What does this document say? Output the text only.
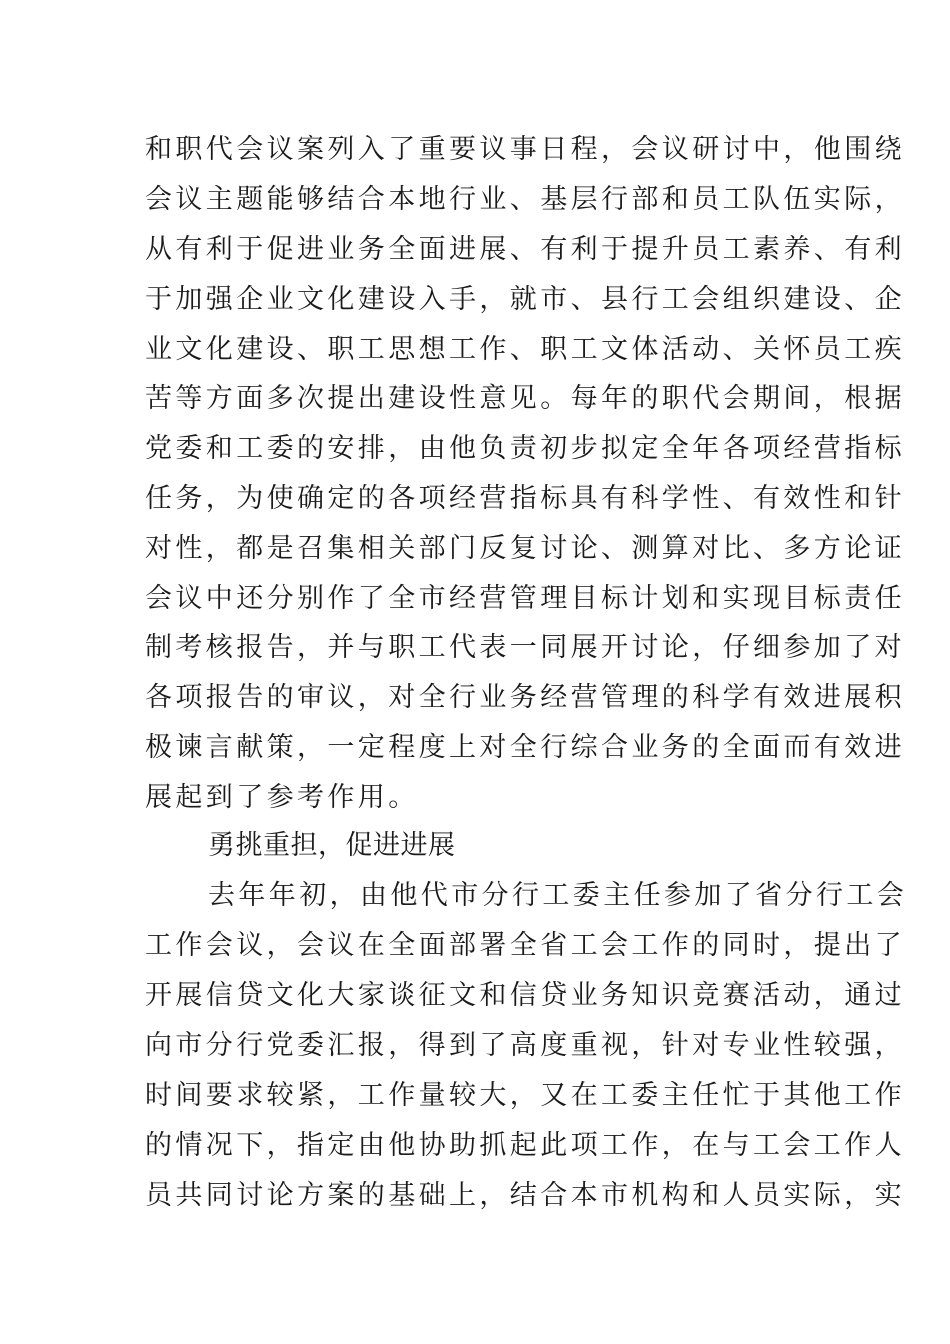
和职代会议案列入了重要议事日程，会议研讨中，他围绕
会议主题能够结合本地行业、基层行部和员工队伍实际，
从有利于促进业务全面进展、有利于提升员工素养、有利
于加强企业文化建设入手，就市、县行工会组织建设、企
业文化建设、职工思想工作、职工文体活动、关怀员工疾
苦等方面多次提出建设性意见。每年的职代会期间，根据
党委和工委的安排，由他负责初步拟定全年各项经营指标
任务，为使确定的各项经营指标具有科学性、有效性和针
对性，都是召集相关部门反复讨论、测算对比、多方论证
会议中还分别作了全市经营管理目标计划和实现目标责任
制考核报告，并与职工代表一同展开讨论，仔细参加了对
各项报告的审议，对全行业务经营管理的科学有效进展积
极谏言献策，一定程度上对全行综合业务的全面而有效进
展起到了参考作用。
勇挑重担，促进进展
去年年初，由他代市分行工委主任参加了省分行工会
工作会议，会议在全面部署全省工会工作的同时，提出了
开展信贷文化大家谈征文和信贷业务知识竞赛活动，通过
向市分行党委汇报，得到了高度重视，针对专业性较强，
时间要求较紧，工作量较大，又在工委主任忙于其他工作
的情况下，指定由他协助抓起此项工作，在与工会工作人
员共同讨论方案的基础上，结合本市机构和人员实际，实
